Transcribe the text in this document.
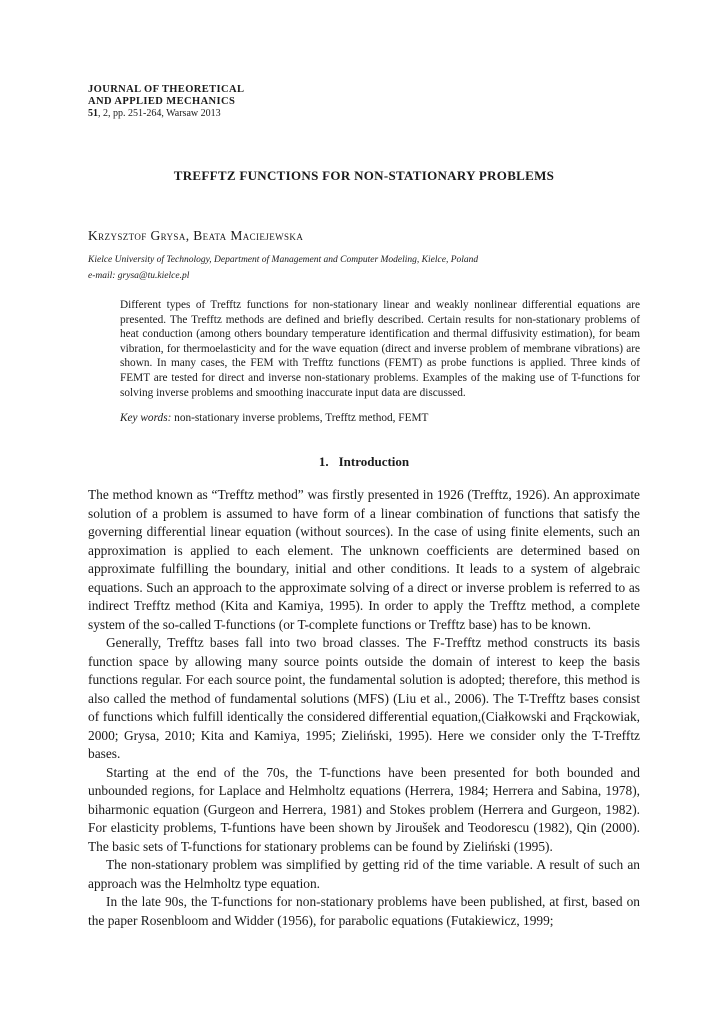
JOURNAL OF THEORETICAL
AND APPLIED MECHANICS
51, 2, pp. 251-264, Warsaw 2013
TREFFTZ FUNCTIONS FOR NON-STATIONARY PROBLEMS
Krzysztof Grysa, Beata Maciejewska
Kielce University of Technology, Department of Management and Computer Modeling, Kielce, Poland
e-mail: grysa@tu.kielce.pl
Different types of Trefftz functions for non-stationary linear and weakly nonlinear differential equations are presented. The Trefftz methods are defined and briefly described. Certain results for non-stationary problems of heat conduction (among others boundary temperature identification and thermal diffusivity estimation), for beam vibration, for thermoelasticity and for the wave equation (direct and inverse problem of membrane vibrations) are shown. In many cases, the FEM with Trefftz functions (FEMT) as probe functions is applied. Three kinds of FEMT are tested for direct and inverse non-stationary problems. Examples of the making use of T-functions for solving inverse problems and smoothing inaccurate input data are discussed.
Key words: non-stationary inverse problems, Trefftz method, FEMT
1. Introduction

The method known as “Trefftz method” was firstly presented in 1926 (Trefftz, 1926). An approximate solution of a problem is assumed to have form of a linear combination of functions that satisfy the governing differential linear equation (without sources). In the case of using finite elements, such an approximation is applied to each element. The unknown coefficients are determined based on approximate fulfilling the boundary, initial and other conditions. It leads to a system of algebraic equations. Such an approach to the approximate solving of a direct or inverse problem is referred to as indirect Trefftz method (Kita and Kamiya, 1995). In order to apply the Trefftz method, a complete system of the so-called T-functions (or T-complete functions or Trefftz base) has to be known.

Generally, Trefftz bases fall into two broad classes. The F-Trefftz method constructs its basis function space by allowing many source points outside the domain of interest to keep the basis functions regular. For each source point, the fundamental solution is adopted; therefore, this method is also called the method of fundamental solutions (MFS) (Liu et al., 2006). The T-Trefftz bases consist of functions which fulfill identically the considered differential equation,(Ciałkowski and Frąckowiak, 2000; Grysa, 2010; Kita and Kamiya, 1995; Zieliński, 1995). Here we consider only the T-Trefftz bases.

Starting at the end of the 70s, the T-functions have been presented for both bounded and unbounded regions, for Laplace and Helmholtz equations (Herrera, 1984; Herrera and Sabina, 1978), biharmonic equation (Gurgeon and Herrera, 1981) and Stokes problem (Herrera and Gurgeon, 1982). For elasticity problems, T-funtions have been shown by Jiroušek and Teodorescu (1982), Qin (2000). The basic sets of T-functions for stationary problems can be found by Zieliński (1995).

The non-stationary problem was simplified by getting rid of the time variable. A result of such an approach was the Helmholtz type equation.

In the late 90s, the T-functions for non-stationary problems have been published, at first, based on the paper Rosenbloom and Widder (1956), for parabolic equations (Futakiewicz, 1999;
